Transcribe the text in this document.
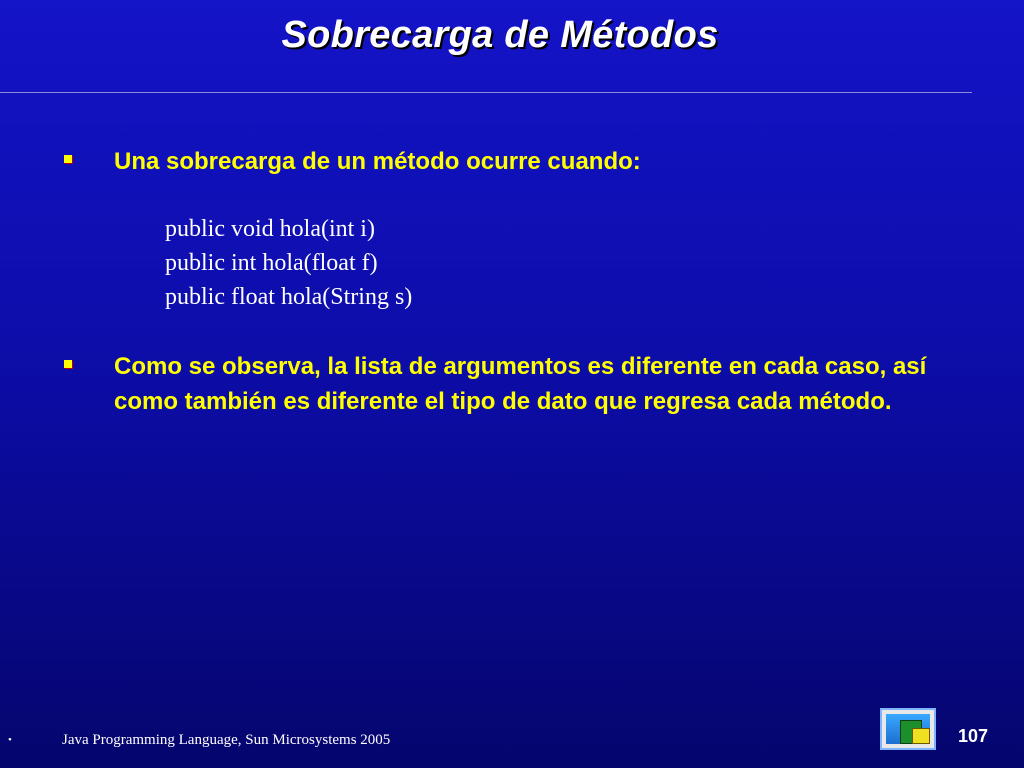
Sobrecarga de Métodos
Una sobrecarga de un método ocurre cuando:
public void hola(int i)
public int hola(float f)
public float hola(String s)
Como se observa, la lista de argumentos es diferente en cada caso, así como también es diferente el tipo de dato que regresa cada método.
•	Java Programming Language, Sun Microsystems 2005	107
